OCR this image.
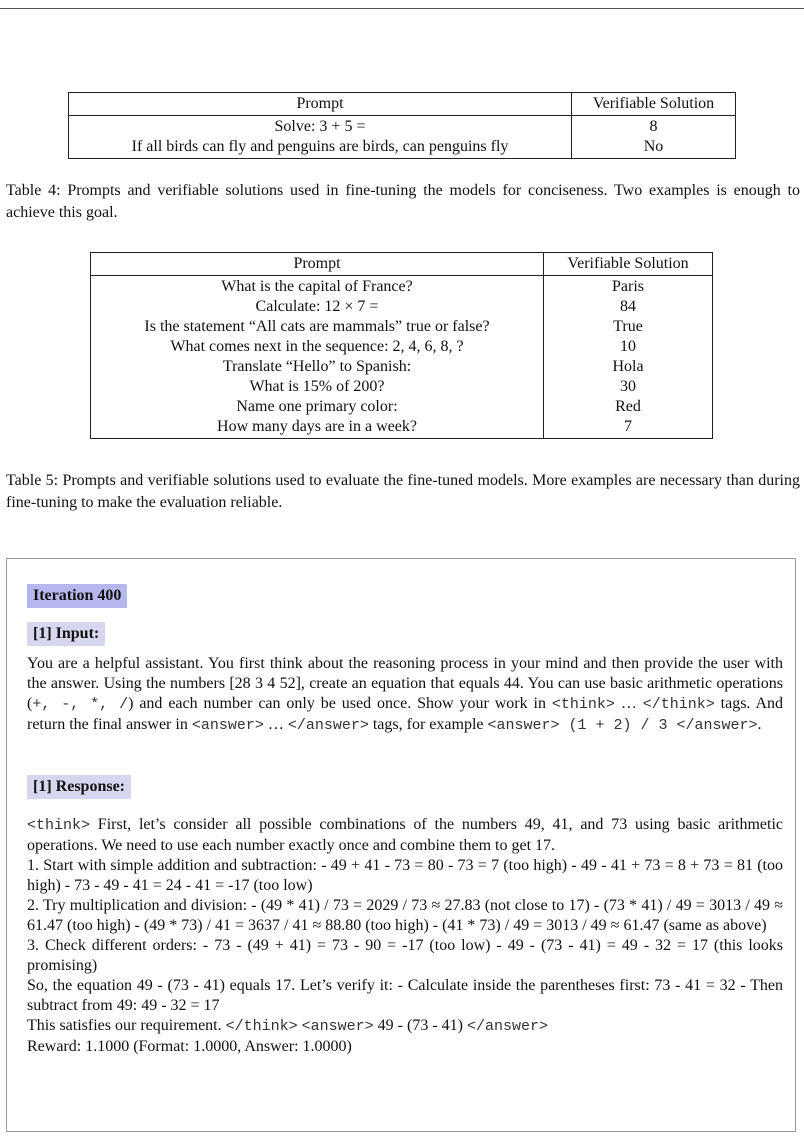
Prompt	Verifiable Solution
Solve: 3 + 5 =	8
If all birds can fly and penguins are birds, can penguins fly	No
Table 4: Prompts and verifiable solutions used in fine-tuning the models for conciseness. Two examples is enough to achieve this goal.
Prompt	Verifiable Solution
What is the capital of France?	Paris
Calculate: 12 × 7 =	84
Is the statement “All cats are mammals” true or false?	True
What comes next in the sequence: 2, 4, 6, 8, ?	10
Translate “Hello” to Spanish:	Hola
What is 15% of 200?	30
Name one primary color:	Red
How many days are in a week?	7
Table 5: Prompts and verifiable solutions used to evaluate the fine-tuned models. More examples are necessary than during fine-tuning to make the evaluation reliable.
Iteration 400
[1] Input:
You are a helpful assistant. You first think about the reasoning process in your mind and then provide the user with the answer. Using the numbers [28 3 4 52], create an equation that equals 44. You can use basic arithmetic operations (+, -, *, /) and each number can only be used once. Show your work in <think> … </think> tags. And return the final answer in <answer> … </answer> tags, for example <answer> (1 + 2) / 3 </answer>.
[1] Response:
<think> First, let’s consider all possible combinations of the numbers 49, 41, and 73 using basic arithmetic operations. We need to use each number exactly once and combine them to get 17.
1. Start with simple addition and subtraction: - 49 + 41 - 73 = 80 - 73 = 7 (too high) - 49 - 41 + 73 = 8 + 73 = 81 (too high) - 73 - 49 - 41 = 24 - 41 = -17 (too low)
2. Try multiplication and division: - (49 * 41) / 73 = 2029 / 73 ≈ 27.83 (not close to 17) - (73 * 41) / 49 = 3013 / 49 ≈ 61.47 (too high) - (49 * 73) / 41 = 3637 / 41 ≈ 88.80 (too high) - (41 * 73) / 49 = 3013 / 49 ≈ 61.47 (same as above)
3. Check different orders: - 73 - (49 + 41) = 73 - 90 = -17 (too low) - 49 - (73 - 41) = 49 - 32 = 17 (this looks promising)
So, the equation 49 - (73 - 41) equals 17. Let’s verify it: - Calculate inside the parentheses first: 73 - 41 = 32 - Then subtract from 49: 49 - 32 = 17
This satisfies our requirement. </think> <answer> 49 - (73 - 41) </answer>
Reward: 1.1000 (Format: 1.0000, Answer: 1.0000)
